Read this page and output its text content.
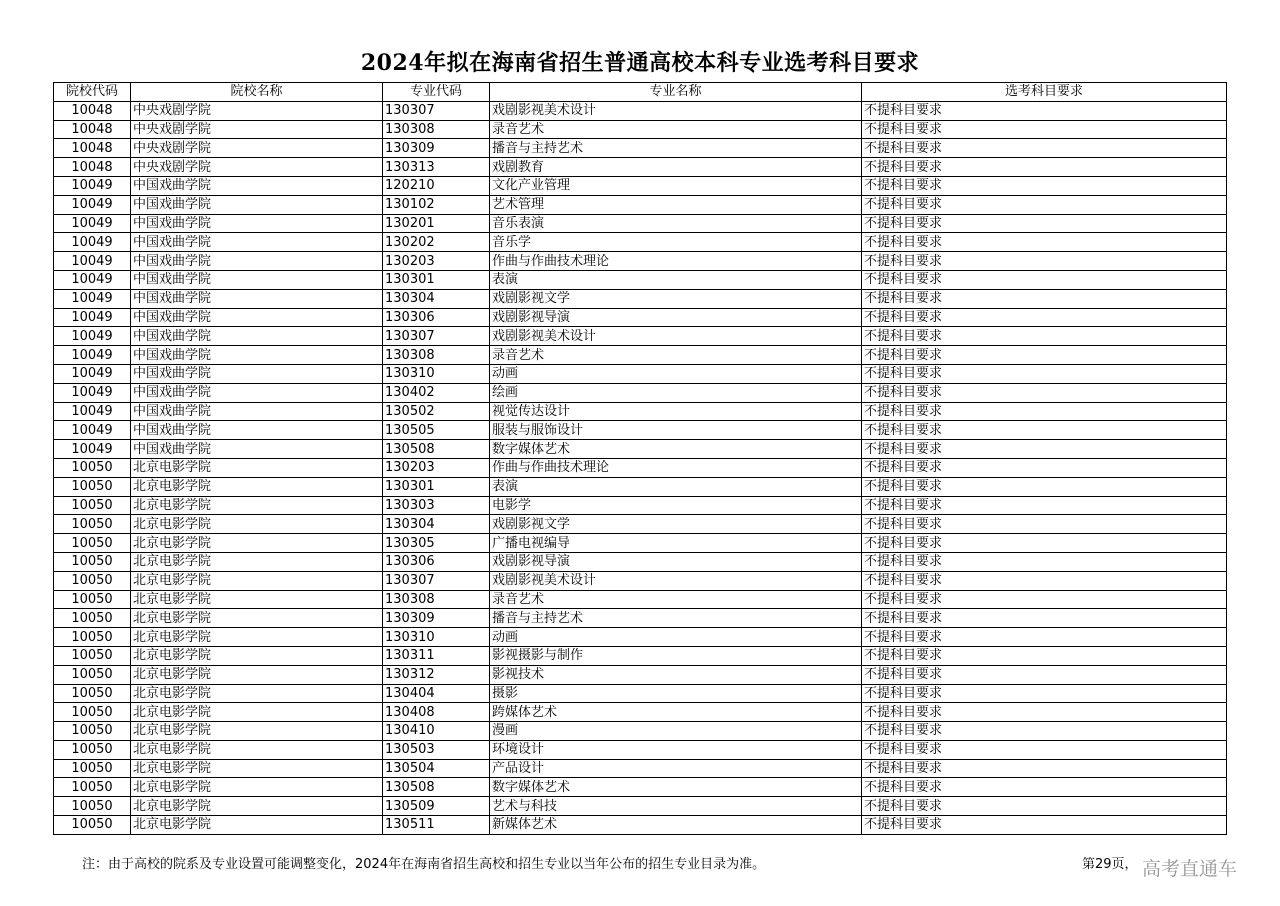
2024年拟在海南省招生普通高校本科专业选考科目要求
院校代码	院校名称	专业代码	专业名称	选考科目要求
10048	中央戏剧学院	130307	戏剧影视美术设计	不提科目要求
10048	中央戏剧学院	130308	录音艺术	不提科目要求
10048	中央戏剧学院	130309	播音与主持艺术	不提科目要求
10048	中央戏剧学院	130313	戏剧教育	不提科目要求
10049	中国戏曲学院	120210	文化产业管理	不提科目要求
10049	中国戏曲学院	130102	艺术管理	不提科目要求
10049	中国戏曲学院	130201	音乐表演	不提科目要求
10049	中国戏曲学院	130202	音乐学	不提科目要求
10049	中国戏曲学院	130203	作曲与作曲技术理论	不提科目要求
10049	中国戏曲学院	130301	表演	不提科目要求
10049	中国戏曲学院	130304	戏剧影视文学	不提科目要求
10049	中国戏曲学院	130306	戏剧影视导演	不提科目要求
10049	中国戏曲学院	130307	戏剧影视美术设计	不提科目要求
10049	中国戏曲学院	130308	录音艺术	不提科目要求
10049	中国戏曲学院	130310	动画	不提科目要求
10049	中国戏曲学院	130402	绘画	不提科目要求
10049	中国戏曲学院	130502	视觉传达设计	不提科目要求
10049	中国戏曲学院	130505	服装与服饰设计	不提科目要求
10049	中国戏曲学院	130508	数字媒体艺术	不提科目要求
10050	北京电影学院	130203	作曲与作曲技术理论	不提科目要求
10050	北京电影学院	130301	表演	不提科目要求
10050	北京电影学院	130303	电影学	不提科目要求
10050	北京电影学院	130304	戏剧影视文学	不提科目要求
10050	北京电影学院	130305	广播电视编导	不提科目要求
10050	北京电影学院	130306	戏剧影视导演	不提科目要求
10050	北京电影学院	130307	戏剧影视美术设计	不提科目要求
10050	北京电影学院	130308	录音艺术	不提科目要求
10050	北京电影学院	130309	播音与主持艺术	不提科目要求
10050	北京电影学院	130310	动画	不提科目要求
10050	北京电影学院	130311	影视摄影与制作	不提科目要求
10050	北京电影学院	130312	影视技术	不提科目要求
10050	北京电影学院	130404	摄影	不提科目要求
10050	北京电影学院	130408	跨媒体艺术	不提科目要求
10050	北京电影学院	130410	漫画	不提科目要求
10050	北京电影学院	130503	环境设计	不提科目要求
10050	北京电影学院	130504	产品设计	不提科目要求
10050	北京电影学院	130508	数字媒体艺术	不提科目要求
10050	北京电影学院	130509	艺术与科技	不提科目要求
10050	北京电影学院	130511	新媒体艺术	不提科目要求
注：由于高校的院系及专业设置可能调整变化，2024年在海南省招生高校和招生专业以当年公布的招生专业目录为准。	第29页， 高考直通车
